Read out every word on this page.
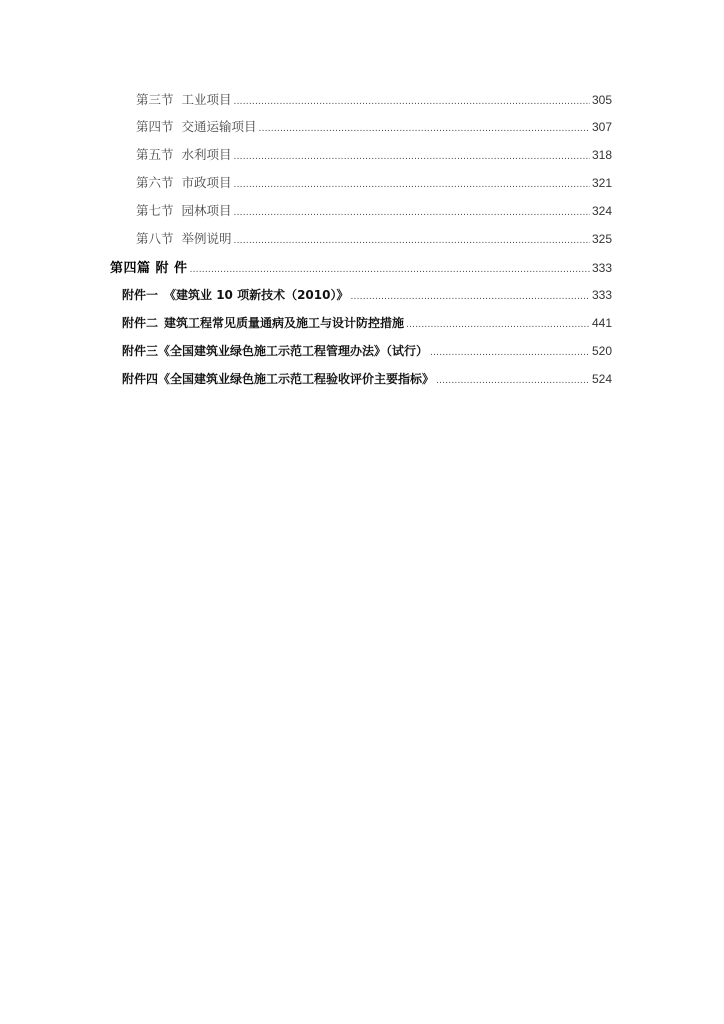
第三节 工业项目 .....	305
第四节 交通运输项目 .....	307
第五节 水利项目 .....	318
第六节 市政项目 .....	321
第七节 园林项目 .....	324
第八节 举例说明 .....	325
第四篇 附 件 .....	333
附件一 《建筑业 10 项新技术（2010）》 .....	333
附件二 建筑工程常见质量通病及施工与设计防控措施 .....	441
附件三《全国建筑业绿色施工示范工程管理办法》（试行） .....	520
附件四《全国建筑业绿色施工示范工程验收评价主要指标》 .....	524
